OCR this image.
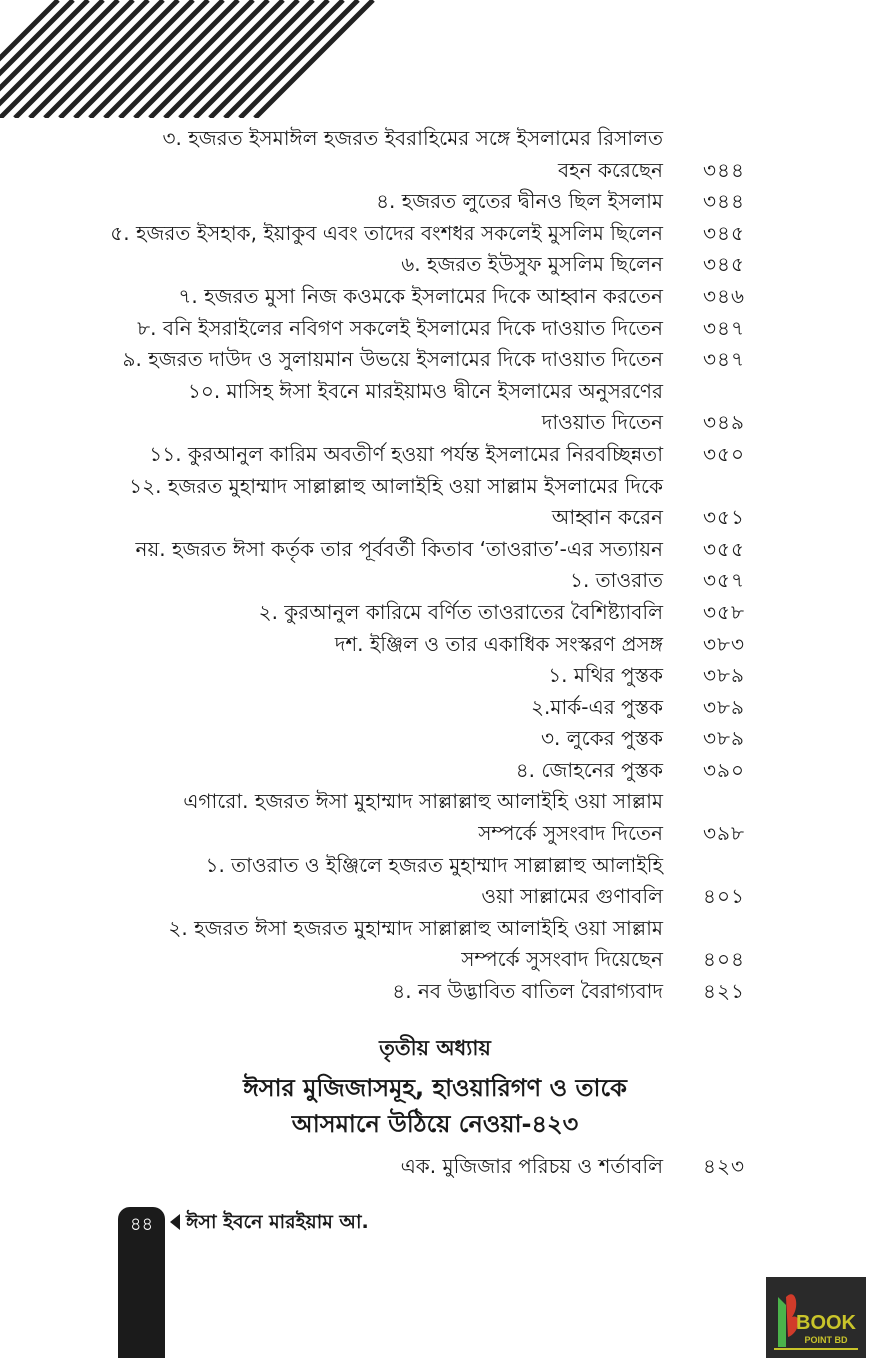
৩. হজরত ইসমাঈল হজরত ইবরাহিমের সঙ্গে ইসলামের রিসালত
বহন করেছেন ৩৪৪
৪. হজরত লুতের দ্বীনও ছিল ইসলাম ৩৪৪
৫. হজরত ইসহাক, ইয়াকুব এবং তাদের বংশধর সকলেই মুসলিম ছিলেন ৩৪৫
৬. হজরত ইউসুফ মুসলিম ছিলেন ৩৪৫
৭. হজরত মুসা নিজ কওমকে ইসলামের দিকে আহ্বান করতেন ৩৪৬
৮. বনি ইসরাইলের নবিগণ সকলেই ইসলামের দিকে দাওয়াত দিতেন ৩৪৭
৯. হজরত দাউদ ও সুলায়মান উভয়ে ইসলামের দিকে দাওয়াত দিতেন ৩৪৭
১০. মাসিহ ঈসা ইবনে মারইয়ামও দ্বীনে ইসলামের অনুসরণের
দাওয়াত দিতেন ৩৪৯
১১. কুরআনুল কারিম অবতীর্ণ হওয়া পর্যন্ত ইসলামের নিরবচ্ছিন্নতা ৩৫০
১২. হজরত মুহাম্মাদ সাল্লাল্লাহু আলাইহি ওয়া সাল্লাম ইসলামের দিকে
আহ্বান করেন ৩৫১
নয়. হজরত ঈসা কর্তৃক তার পূর্ববর্তী কিতাব ‘তাওরাত’-এর সত্যায়ন ৩৫৫
১. তাওরাত ৩৫৭
২. কুরআনুল কারিমে বর্ণিত তাওরাতের বৈশিষ্ট্যাবলি ৩৫৮
দশ. ইঞ্জিল ও তার একাধিক সংস্করণ প্রসঙ্গ ৩৮৩
১. মথির পুস্তক ৩৮৯
২.মার্ক-এর পুস্তক ৩৮৯
৩. লুকের পুস্তক ৩৮৯
৪. জোহনের পুস্তক ৩৯০
এগারো. হজরত ঈসা মুহাম্মাদ সাল্লাল্লাহু আলাইহি ওয়া সাল্লাম
সম্পর্কে সুসংবাদ দিতেন ৩৯৮
১. তাওরাত ও ইঞ্জিলে হজরত মুহাম্মাদ সাল্লাল্লাহু আলাইহি
ওয়া সাল্লামের গুণাবলি ৪০১
২. হজরত ঈসা হজরত মুহাম্মাদ সাল্লাল্লাহু আলাইহি ওয়া সাল্লাম
সম্পর্কে সুসংবাদ দিয়েছেন ৪০৪
৪. নব উদ্ভাবিত বাতিল বৈরাগ্যবাদ ৪২১
তৃতীয় অধ্যায়
ঈসার মুজিজাসমূহ, হাওয়ারিগণ ও তাকে
আসমানে উঠিয়ে নেওয়া-৪২৩
এক. মুজিজার পরিচয় ও শর্তাবলি ৪২৩
৪৪	ঈসা ইবনে মারইয়াম আ.
BOOK
POINT BD
